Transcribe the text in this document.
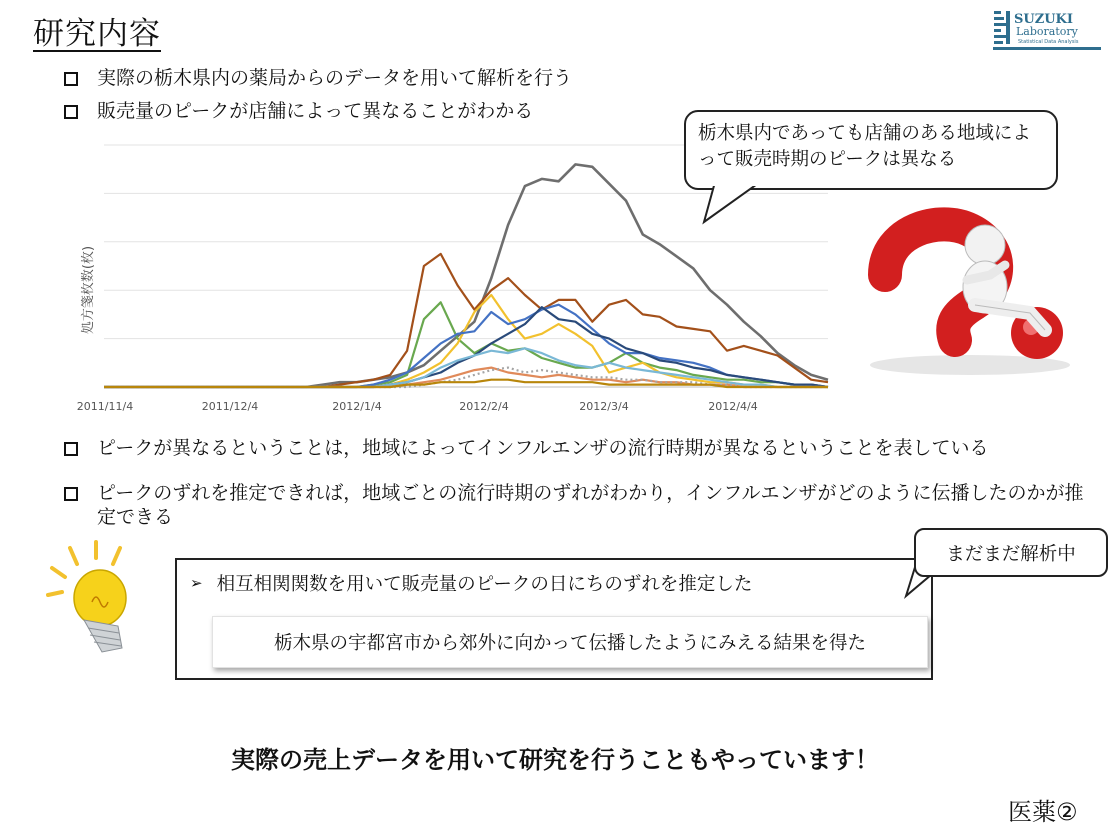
研究内容	SUZUKI
Laboratory
Statistical Data Analysis
TOKYO UNIVERSITY OF SCIENCE
実際の栃木県内の薬局からのデータを用いて解析を行う
販売量のピークが店舗によって異なることがわかる
2011/11/4	2011/12/4	2012/1/4	2012/2/4	2012/3/4	2012/4/4
処方箋枚数(枚)
栃木県内であっても店舗のある地域によって販売時期のピークは異なる
ピークが異なるということは，地域によってインフルエンザの流行時期が異なるということを表している
ピークのずれを推定できれば，地域ごとの流行時期のずれがわかり，インフルエンザがどのように伝播したのかが推定できる
➢ 相互相関関数を用いて販売量のピークの日にちのずれを推定した
栃木県の宇都宮市から郊外に向かって伝播したようにみえる結果を得た
まだまだ解析中
実際の売上データを用いて研究を行うこともやっています！
医薬②
